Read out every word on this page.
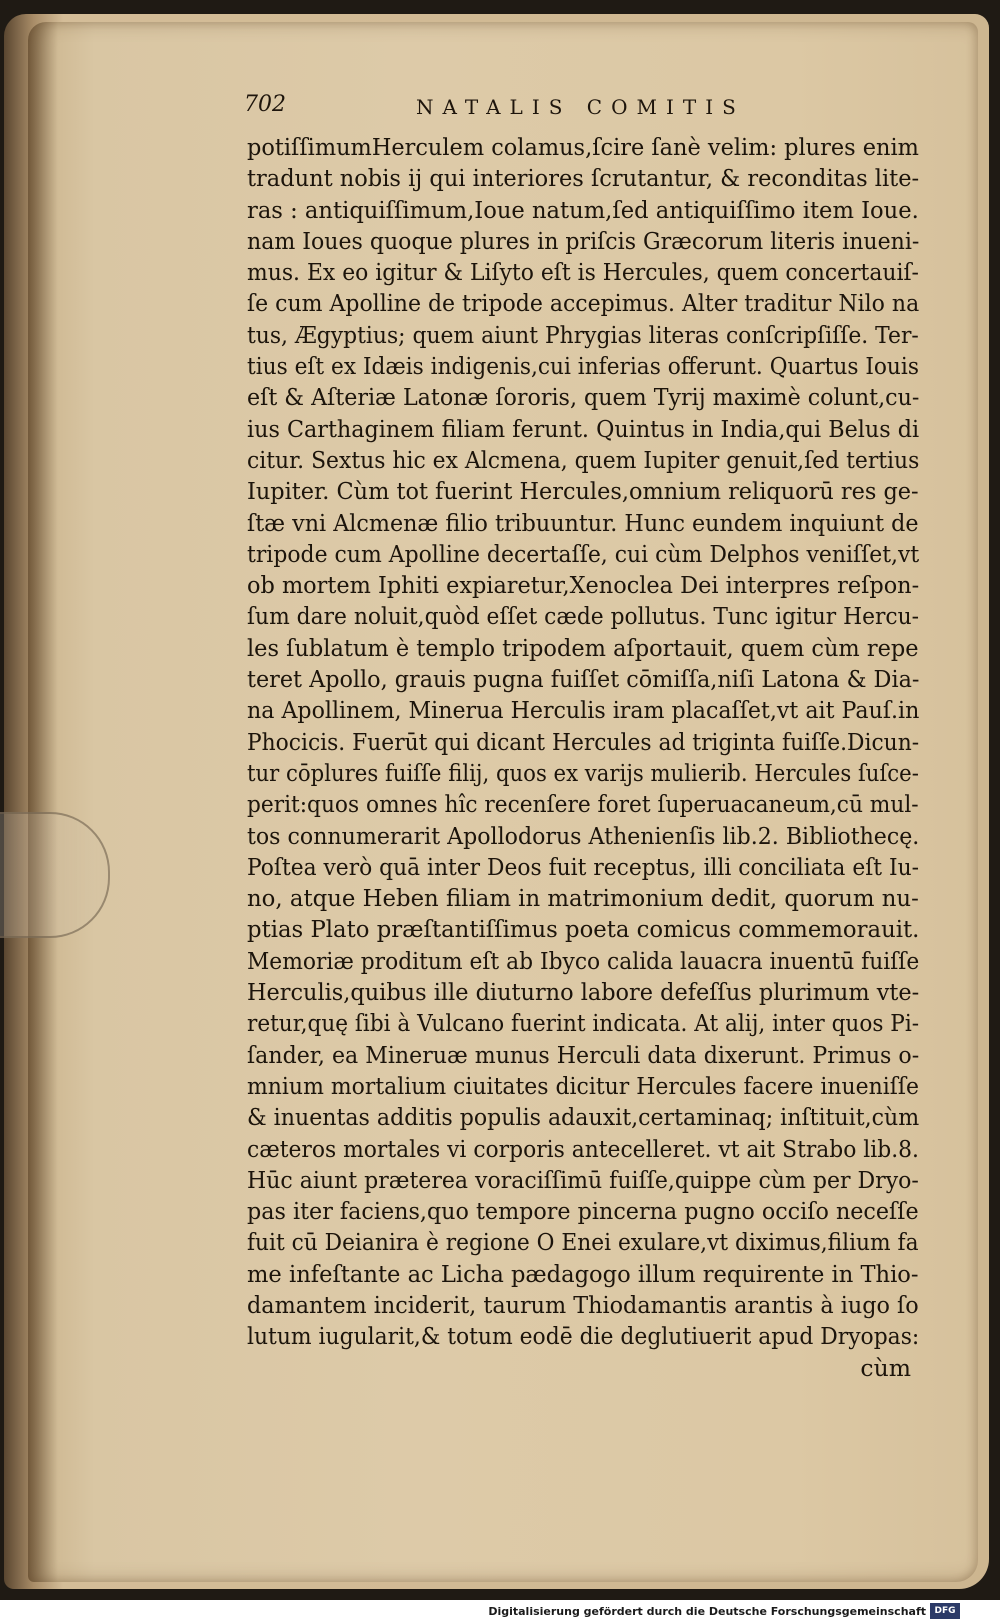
702	NATALIS COMITIS
potiſſimumHerculem colamus,ſcire ſanè velim: plures enim
tradunt nobis ij qui interiores ſcrutantur, & reconditas lite-
ras : antiquiſſimum,Ioue natum,ſed antiquiſſimo item Ioue.
nam Ioues quoque plures in priſcis Græcorum literis inueni-
mus. Ex eo igitur & Liſyto eſt is Hercules, quem concertauiſ-
ſe cum Apolline de tripode accepimus. Alter traditur Nilo na
tus, Ægyptius; quem aiunt Phrygias literas conſcripſiſſe. Ter-
tius eſt ex Idæis indigenis,cui inferias offerunt. Quartus Iouis
eſt & Aſteriæ Latonæ ſororis, quem Tyrij maximè colunt,cu-
ius Carthaginem filiam ferunt. Quintus in India,qui Belus di
citur. Sextus hic ex Alcmena, quem Iupiter genuit,ſed tertius
Iupiter. Cùm tot fuerint Hercules,omnium reliquorū res ge-
ſtæ vni Alcmenæ filio tribuuntur. Hunc eundem inquiunt de
tripode cum Apolline decertaſſe, cui cùm Delphos veniſſet,vt
ob mortem Iphiti expiaretur,Xenoclea Dei interpres reſpon-
ſum dare noluit,quòd eſſet cæde pollutus. Tunc igitur Hercu-
les ſublatum è templo tripodem aſportauit, quem cùm repe
teret Apollo, grauis pugna fuiſſet cōmiſſa,niſi Latona & Dia-
na Apollinem, Minerua Herculis iram placaſſet,vt ait Pauſ.in
Phocicis. Fuerūt qui dicant Hercules ad triginta fuiſſe.Dicun-
tur cōplures fuiſſe filij, quos ex varijs mulierib. Hercules ſuſce-
perit:quos omnes hîc recenſere foret ſuperuacaneum,cū mul-
tos connumerarit Apollodorus Athenienſis lib.2. Bibliothecę.
Poſtea verò quā inter Deos fuit receptus, illi conciliata eſt Iu-
no, atque Heben filiam in matrimonium dedit, quorum nu-
ptias Plato præſtantiſſimus poeta comicus commemorauit.
Memoriæ proditum eſt ab Ibyco calida lauacra inuentū fuiſſe
Herculis,quibus ille diuturno labore defeſſus plurimum vte-
retur,quę ſibi à Vulcano fuerint indicata. At alij, inter quos Pi-
ſander, ea Mineruæ munus Herculi data dixerunt. Primus o-
mnium mortalium ciuitates dicitur Hercules facere inueniſſe
& inuentas additis populis adauxit,certaminaq; inſtituit,cùm
cæteros mortales vi corporis antecelleret. vt ait Strabo lib.8.
Hūc aiunt præterea voraciſſimū fuiſſe,quippe cùm per Dryo-
pas iter faciens,quo tempore pincerna pugno occiſo neceſſe
fuit cū Deianira è regione O Enei exulare,vt diximus,filium fa
me infeſtante ac Licha pædagogo illum requirente in Thio-
damantem inciderit, taurum Thiodamantis arantis à iugo ſo
lutum iugularit,& totum eodē die deglutiuerit apud Dryopas:
cùm
Digitalisierung gefördert durch die Deutsche Forschungsgemeinschaft DFG
